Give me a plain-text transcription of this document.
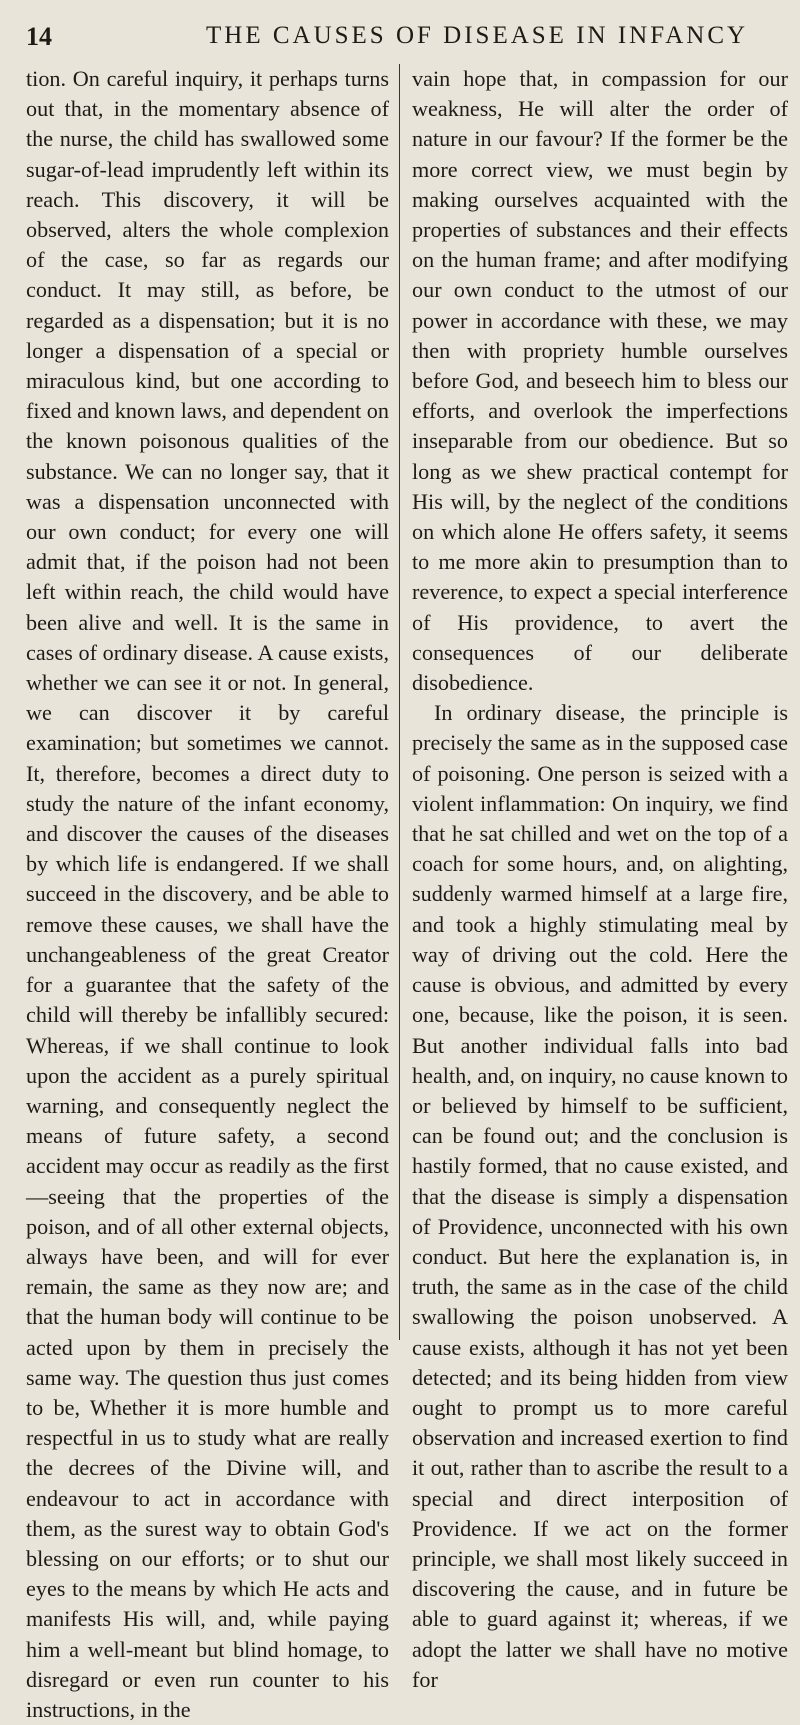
14	THE CAUSES OF DISEASE IN INFANCY

tion. On careful inquiry, it perhaps turns out that, in the momentary absence of the nurse, the child has swallowed some sugar-of-lead imprudently left within its reach. This discovery, it will be observed, alters the whole complexion of the case, so far as regards our conduct. It may still, as before, be regarded as a dispensation; but it is no longer a dispensation of a special or miraculous kind, but one according to fixed and known laws, and dependent on the known poisonous qualities of the substance. We can no longer say, that it was a dispensation unconnected with our own conduct; for every one will admit that, if the poison had not been left within reach, the child would have been alive and well. It is the same in cases of ordinary disease. A cause exists, whether we can see it or not. In general, we can discover it by careful examination; but sometimes we cannot. It, therefore, becomes a direct duty to study the nature of the infant economy, and discover the causes of the diseases by which life is endangered. If we shall succeed in the discovery, and be able to remove these causes, we shall have the unchangeableness of the great Creator for a guarantee that the safety of the child will thereby be infallibly secured: Whereas, if we shall continue to look upon the accident as a purely spiritual warning, and consequently neglect the means of future safety, a second accident may occur as readily as the first—seeing that the properties of the poison, and of all other external objects, always have been, and will for ever remain, the same as they now are; and that the human body will continue to be acted upon by them in precisely the same way. The question thus just comes to be, Whether it is more humble and respectful in us to study what are really the decrees of the Divine will, and endeavour to act in accordance with them, as the surest way to obtain God's blessing on our efforts; or to shut our eyes to the means by which He acts and manifests His will, and, while paying him a well-meant but blind homage, to disregard or even run counter to his instructions, in the

vain hope that, in compassion for our weakness, He will alter the order of nature in our favour? If the former be the more correct view, we must begin by making ourselves acquainted with the properties of substances and their effects on the human frame; and after modifying our own conduct to the utmost of our power in accordance with these, we may then with propriety humble ourselves before God, and beseech him to bless our efforts, and overlook the imperfections inseparable from our obedience. But so long as we shew practical contempt for His will, by the neglect of the conditions on which alone He offers safety, it seems to me more akin to presumption than to reverence, to expect a special interference of His providence, to avert the consequences of our deliberate disobedience.

In ordinary disease, the principle is precisely the same as in the supposed case of poisoning. One person is seized with a violent inflammation: On inquiry, we find that he sat chilled and wet on the top of a coach for some hours, and, on alighting, suddenly warmed himself at a large fire, and took a highly stimulating meal by way of driving out the cold. Here the cause is obvious, and admitted by every one, because, like the poison, it is seen. But another individual falls into bad health, and, on inquiry, no cause known to or believed by himself to be sufficient, can be found out; and the conclusion is hastily formed, that no cause existed, and that the disease is simply a dispensation of Providence, unconnected with his own conduct. But here the explanation is, in truth, the same as in the case of the child swallowing the poison unobserved. A cause exists, although it has not yet been detected; and its being hidden from view ought to prompt us to more careful observation and increased exertion to find it out, rather than to ascribe the result to a special and direct interposition of Providence. If we act on the former principle, we shall most likely succeed in discovering the cause, and in future be able to guard against it; whereas, if we adopt the latter we shall have no motive for
